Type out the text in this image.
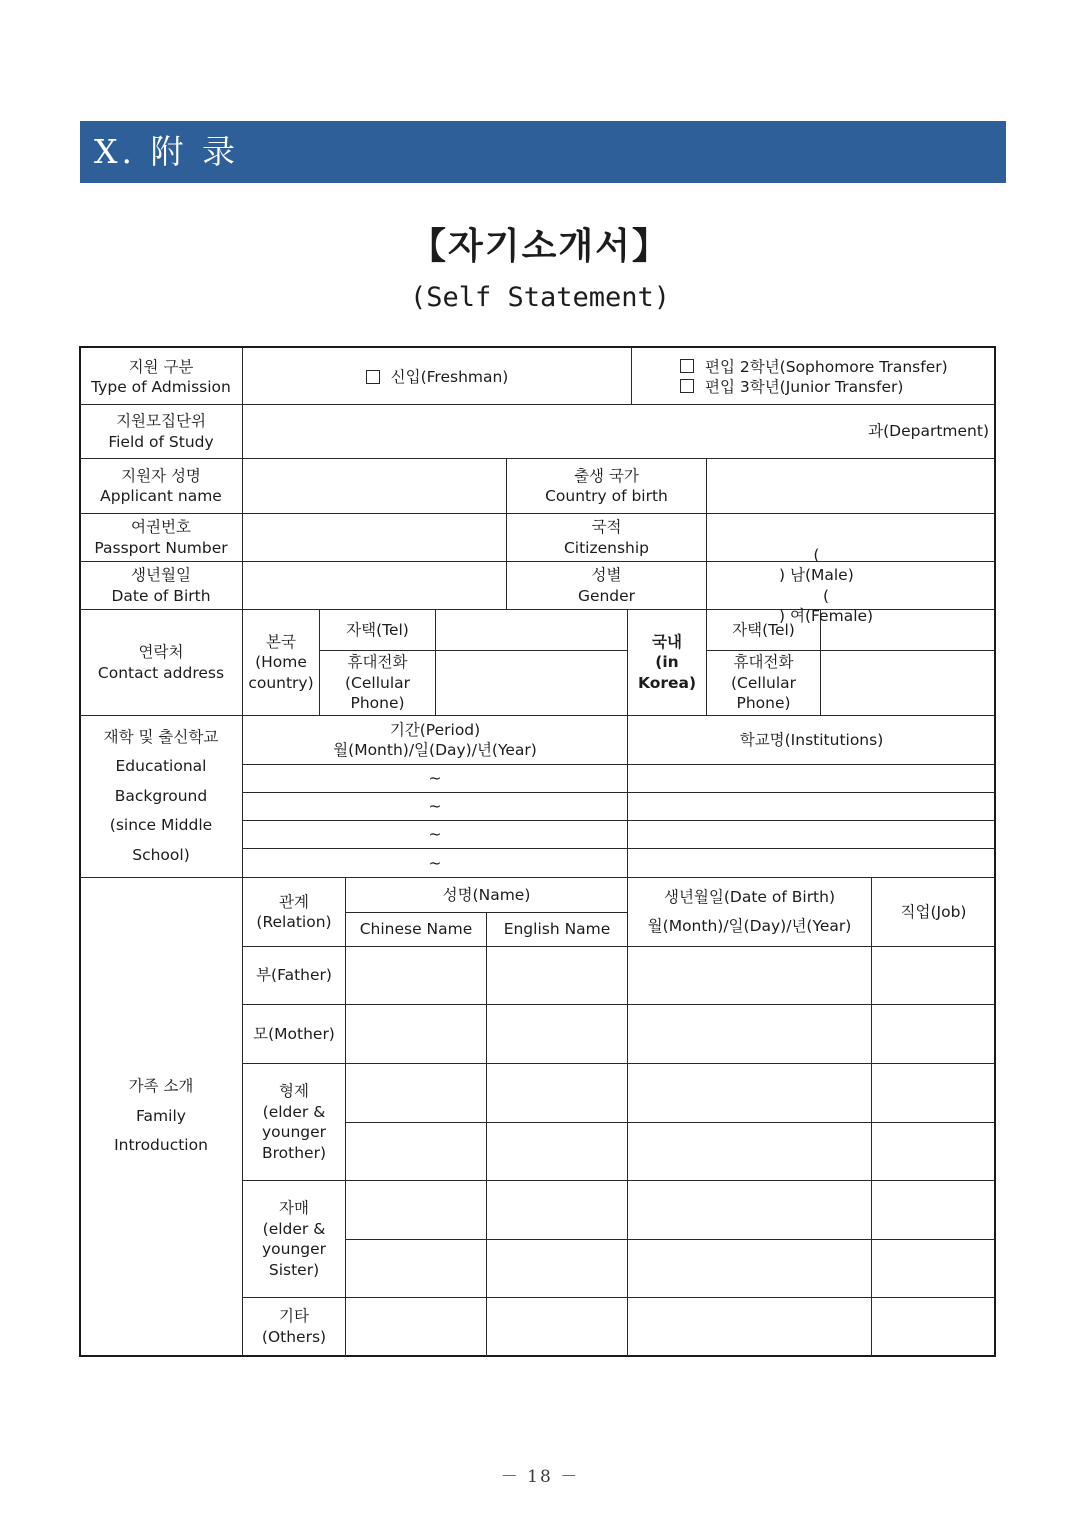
X. 附 录
【자기소개서】
(Self Statement)
지원 구분
Type of Admission
신입(Freshman)
편입 2학년(Sophomore Transfer)
편입 3학년(Junior Transfer)
지원모집단위
Field of Study
과(Department)
지원자 성명
Applicant name
출생 국가
Country of birth
여권번호
Passport Number
국적
Citizenship
생년월일
Date of Birth
성별
Gender
(
) 남(Male)
(
) 여(Female)
연락처
Contact address
본국
(Home
country)
자택(Tel)
휴대전화
(Cellular
Phone)
국내
(in
Korea)
자택(Tel)
휴대전화
(Cellular
Phone)
재학 및 출신학교
Educational
Background
(since Middle
School)
기간(Period)
월(Month)/일(Day)/년(Year)
학교명(Institutions)
~
~
~
~
가족 소개
Family
Introduction
관계
(Relation)
성명(Name)
Chinese Name English Name
생년월일(Date of Birth)
월(Month)/일(Day)/년(Year)
직업(Job)
부(Father)
모(Mother)
형제
(elder &
younger
Brother)
자매
(elder &
younger
Sister)
기타
(Others)
－ 18 －
